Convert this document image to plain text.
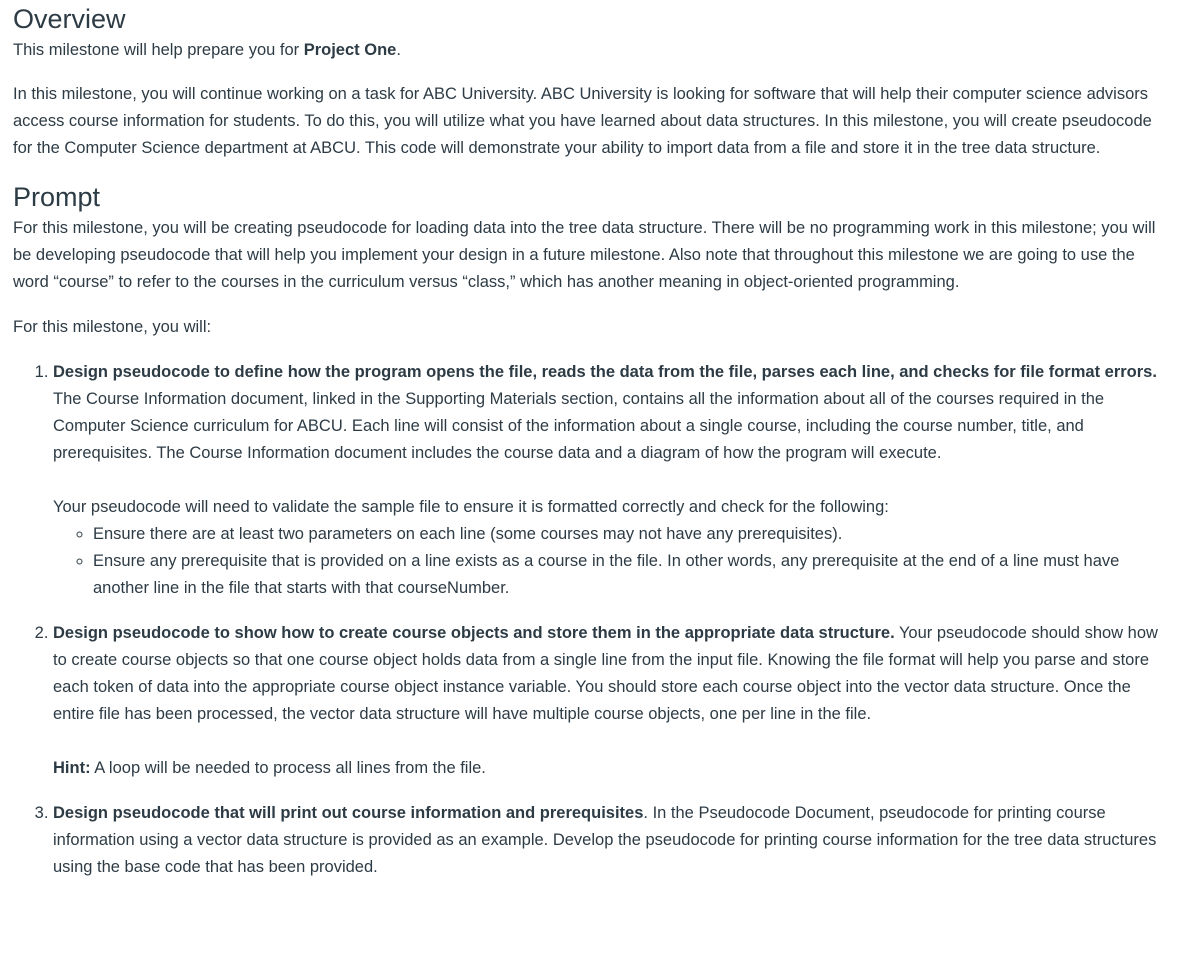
Overview

This milestone will help prepare you for Project One.

In this milestone, you will continue working on a task for ABC University. ABC University is looking for software that will help their computer science advisors access course information for students. To do this, you will utilize what you have learned about data structures. In this milestone, you will create pseudocode for the Computer Science department at ABCU. This code will demonstrate your ability to import data from a file and store it in the tree data structure.

Prompt

For this milestone, you will be creating pseudocode for loading data into the tree data structure. There will be no programming work in this milestone; you will be developing pseudocode that will help you implement your design in a future milestone. Also note that throughout this milestone we are going to use the word “course” to refer to the courses in the curriculum versus “class,” which has another meaning in object-oriented programming.

For this milestone, you will:

1. Design pseudocode to define how the program opens the file, reads the data from the file, parses each line, and checks for file format errors. The Course Information document, linked in the Supporting Materials section, contains all the information about all of the courses required in the Computer Science curriculum for ABCU. Each line will consist of the information about a single course, including the course number, title, and prerequisites. The Course Information document includes the course data and a diagram of how the program will execute.

Your pseudocode will need to validate the sample file to ensure it is formatted correctly and check for the following:

◦ Ensure there are at least two parameters on each line (some courses may not have any prerequisites).
◦ Ensure any prerequisite that is provided on a line exists as a course in the file. In other words, any prerequisite at the end of a line must have another line in the file that starts with that courseNumber.
2. Design pseudocode to show how to create course objects and store them in the appropriate data structure. Your pseudocode should show how to create course objects so that one course object holds data from a single line from the input file. Knowing the file format will help you parse and store each token of data into the appropriate course object instance variable. You should store each course object into the vector data structure. Once the entire file has been processed, the vector data structure will have multiple course objects, one per line in the file.

Hint: A loop will be needed to process all lines from the file.

3. Design pseudocode that will print out course information and prerequisites. In the Pseudocode Document, pseudocode for printing course information using a vector data structure is provided as an example. Develop the pseudocode for printing course information for the tree data structures using the base code that has been provided.
